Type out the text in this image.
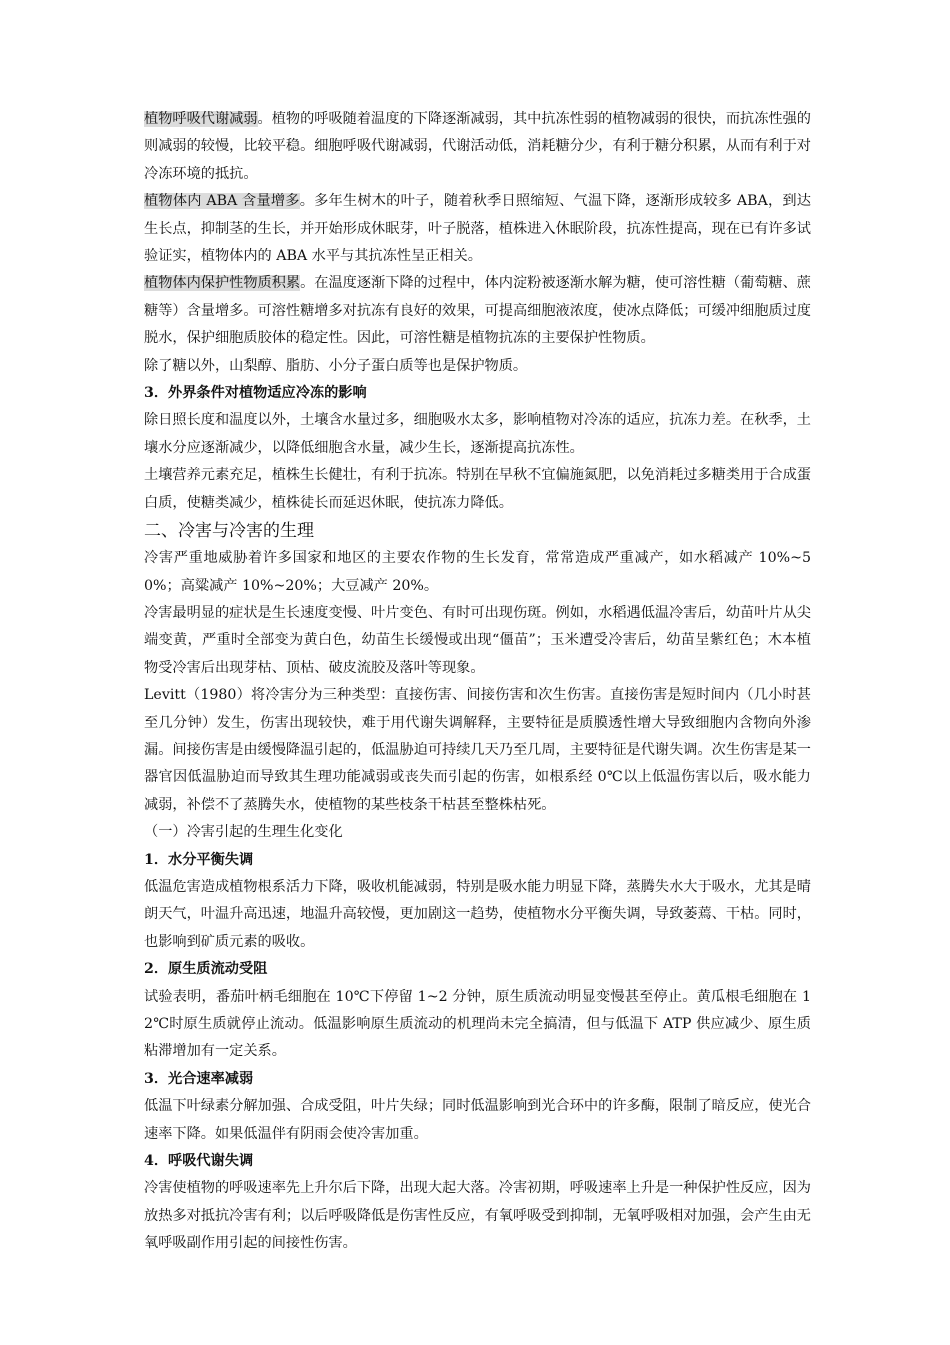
植物呼吸代谢减弱。植物的呼吸随着温度的下降逐渐减弱，其中抗冻性弱的植物减弱的很快，而抗冻性强的则减弱的较慢，比较平稳。细胞呼吸代谢减弱，代谢活动低，消耗糖分少，有利于糖分积累，从而有利于对冷冻环境的抵抗。

植物体内 ABA 含量增多。多年生树木的叶子，随着秋季日照缩短、气温下降，逐渐形成较多 ABA，到达生长点，抑制茎的生长，并开始形成休眠芽，叶子脱落，植株进入休眠阶段，抗冻性提高，现在已有许多试验证实，植物体内的 ABA 水平与其抗冻性呈正相关。

植物体内保护性物质积累。在温度逐渐下降的过程中，体内淀粉被逐渐水解为糖，使可溶性糖（葡萄糖、蔗糖等）含量增多。可溶性糖增多对抗冻有良好的效果，可提高细胞液浓度，使冰点降低；可缓冲细胞质过度脱水，保护细胞质胶体的稳定性。因此，可溶性糖是植物抗冻的主要保护性物质。

除了糖以外，山梨醇、脂肪、小分子蛋白质等也是保护物质。

3．外界条件对植物适应冷冻的影响

除日照长度和温度以外，土壤含水量过多，细胞吸水太多，影响植物对冷冻的适应，抗冻力差。在秋季，土壤水分应逐渐减少，以降低细胞含水量，减少生长，逐渐提高抗冻性。

土壤营养元素充足，植株生长健壮，有利于抗冻。特别在早秋不宜偏施氮肥，以免消耗过多糖类用于合成蛋白质，使糖类减少，植株徒长而延迟休眠，使抗冻力降低。

二、冷害与冷害的生理

冷害严重地威胁着许多国家和地区的主要农作物的生长发育，常常造成严重减产，如水稻减产 10%~50%；高粱减产 10%~20%；大豆减产 20%。

冷害最明显的症状是生长速度变慢、叶片变色、有时可出现伤斑。例如，水稻遇低温冷害后，幼苗叶片从尖端变黄，严重时全部变为黄白色，幼苗生长缓慢或出现“僵苗”；玉米遭受冷害后，幼苗呈紫红色；木本植物受冷害后出现芽枯、顶枯、破皮流胶及落叶等现象。

Levitt（1980）将冷害分为三种类型：直接伤害、间接伤害和次生伤害。直接伤害是短时间内（几小时甚至几分钟）发生，伤害出现较快，难于用代谢失调解释，主要特征是质膜透性增大导致细胞内含物向外渗漏。间接伤害是由缓慢降温引起的，低温胁迫可持续几天乃至几周，主要特征是代谢失调。次生伤害是某一器官因低温胁迫而导致其生理功能减弱或丧失而引起的伤害，如根系经 0℃以上低温伤害以后，吸水能力减弱，补偿不了蒸腾失水，使植物的某些枝条干枯甚至整株枯死。

（一）冷害引起的生理生化变化

1．水分平衡失调

低温危害造成植物根系活力下降，吸收机能减弱，特别是吸水能力明显下降，蒸腾失水大于吸水，尤其是晴朗天气，叶温升高迅速，地温升高较慢，更加剧这一趋势，使植物水分平衡失调，导致萎蔫、干枯。同时，也影响到矿质元素的吸收。

2．原生质流动受阻

试验表明，番茄叶柄毛细胞在 10℃下停留 1~2 分钟，原生质流动明显变慢甚至停止。黄瓜根毛细胞在 12℃时原生质就停止流动。低温影响原生质流动的机理尚未完全搞清，但与低温下 ATP 供应减少、原生质粘滞增加有一定关系。

3．光合速率减弱

低温下叶绿素分解加强、合成受阻，叶片失绿；同时低温影响到光合环中的许多酶，限制了暗反应，使光合速率下降。如果低温伴有阴雨会使冷害加重。

4．呼吸代谢失调

冷害使植物的呼吸速率先上升尔后下降，出现大起大落。冷害初期，呼吸速率上升是一种保护性反应，因为放热多对抵抗冷害有利；以后呼吸降低是伤害性反应，有氧呼吸受到抑制，无氧呼吸相对加强，会产生由无氧呼吸副作用引起的间接性伤害。
